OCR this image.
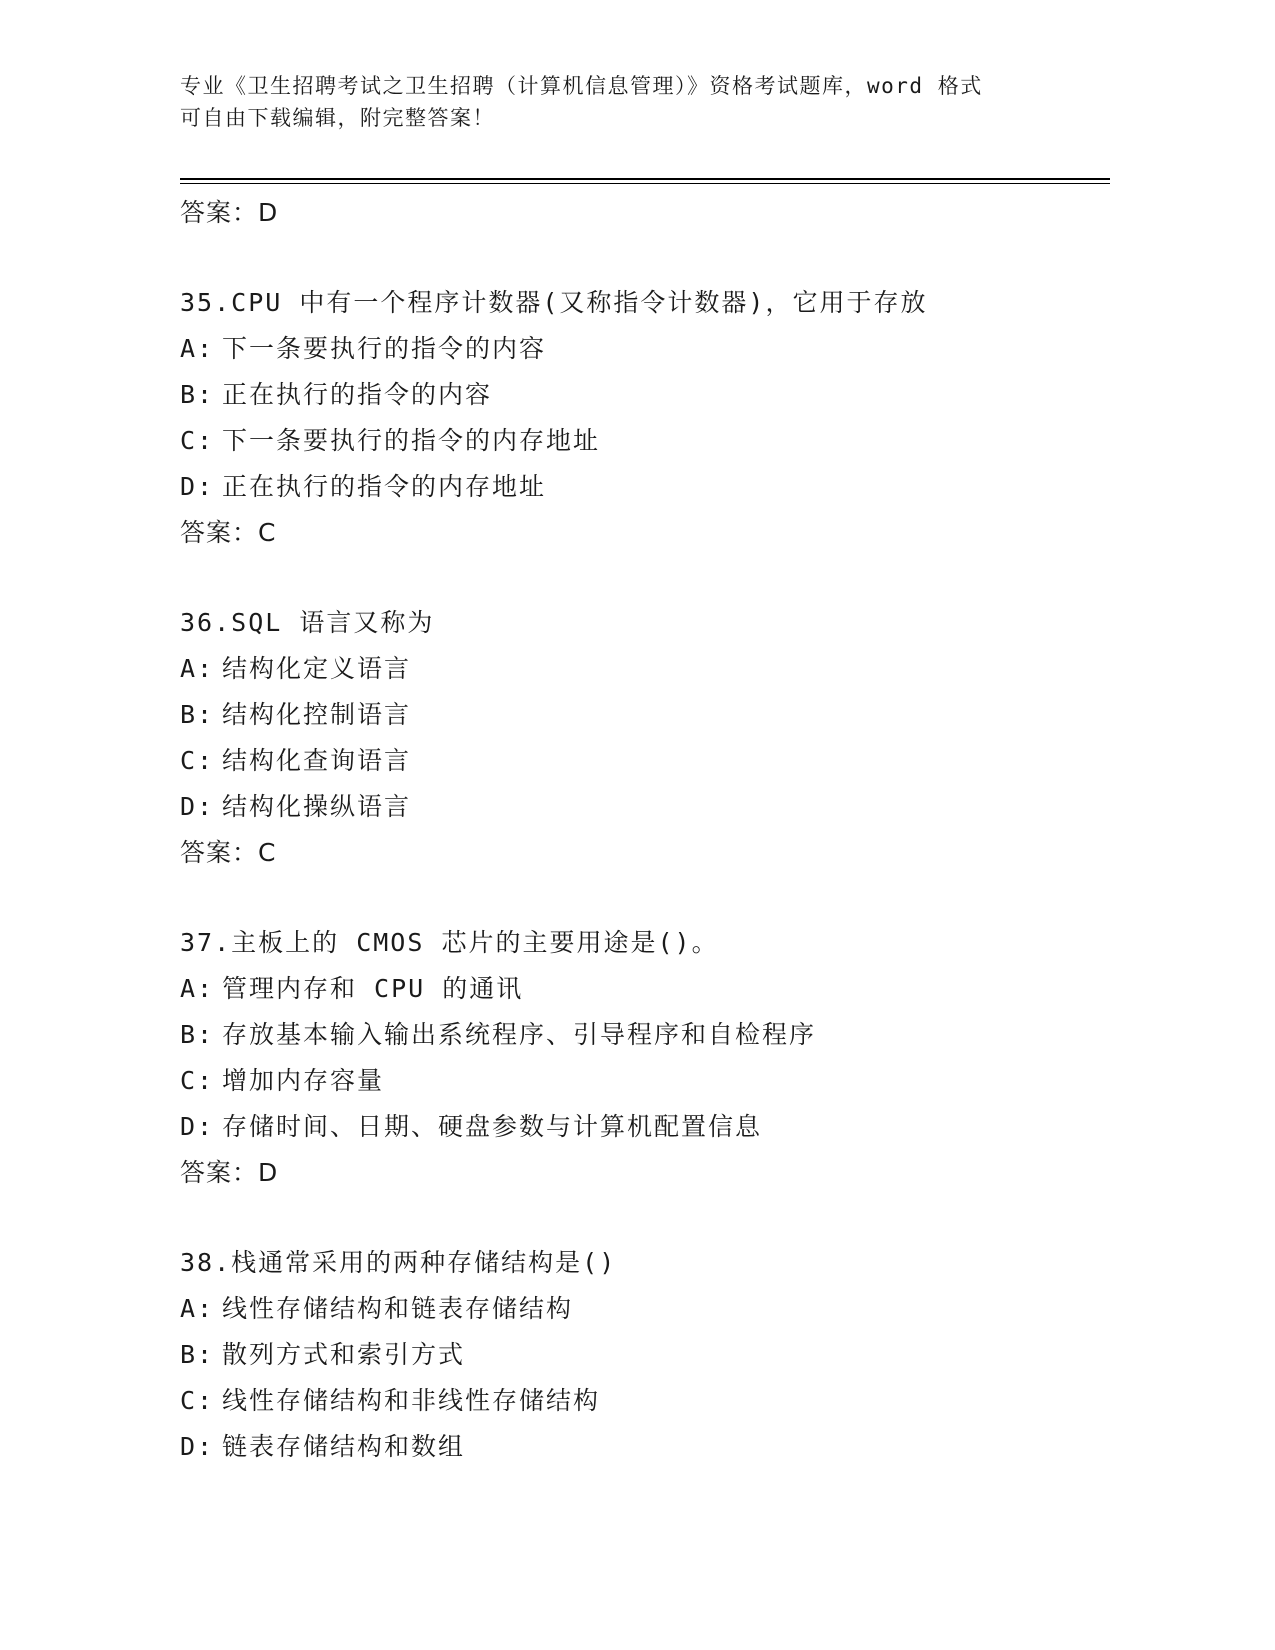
专业《卫生招聘考试之卫生招聘（计算机信息管理）》资格考试题库，word 格式
可自由下载编辑，附完整答案！
答案：D
35.CPU 中有一个程序计数器(又称指令计数器)，它用于存放
A: 下一条要执行的指令的内容
B: 正在执行的指令的内容
C: 下一条要执行的指令的内存地址
D: 正在执行的指令的内存地址
答案：C
36.SQL 语言又称为
A: 结构化定义语言
B: 结构化控制语言
C: 结构化查询语言
D: 结构化操纵语言
答案：C
37.主板上的 CMOS 芯片的主要用途是()。
A: 管理内存和 CPU 的通讯
B: 存放基本输入输出系统程序、引导程序和自检程序
C: 增加内存容量
D: 存储时间、日期、硬盘参数与计算机配置信息
答案：D
38.栈通常采用的两种存储结构是()
A: 线性存储结构和链表存储结构
B: 散列方式和索引方式
C: 线性存储结构和非线性存储结构
D: 链表存储结构和数组
